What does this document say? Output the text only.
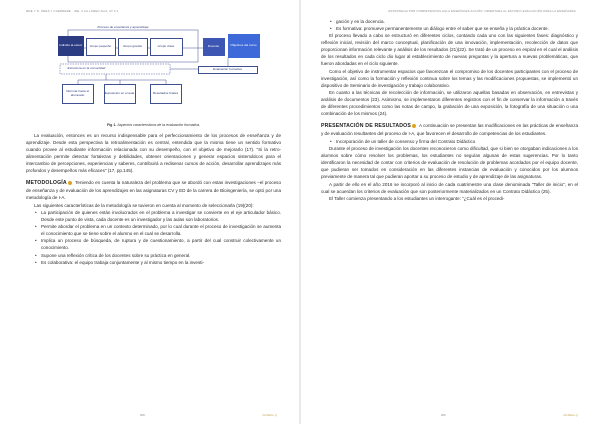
MDE Y N. ORES Y CUERRERE · INE. 3 CA LOREO ALIA, AT 0.1
Proceso de enseñanza y aprendizaje
Individu al-estud	Grupo pequeño	Grupo grande	Grupo clase	Docente	Objetivos del curso
Estructura en la comunidad	Evaluación formativa
Informar hacia el alumnado	Exposición en el aula	Resultados finales
Fig 1. Aspectos característicos de la evaluación formativa.

La evaluación, entonces es un recurso indispensable para el perfeccionamiento de los procesos de enseñanza y de aprendizaje. Desde esta perspectiva la retroalimentación es central, entendida que la misma tiene un sentido formativo cuando provee al estudiante información relacionada con su desempeño, con el objetivo de mejorarlo (17). "Si la retroalimentación permite detectar fortalezas y debilidades, obtener orientaciones y generar espacios sistemáticos para el intercambio de percepciones, experiencias y saberes, contribuirá a redisenar cursos de acción, desarrollar aprendizajes más profundos y desempeños más eficaces" (17, pp.145).

METODOLOGÍA Teniendo en cuenta la naturaleza del problema que se abordó con estas investigaciones –el proceso de enseñanza y de evaluación de los aprendizajes en las asignaturas CV y ED de la carrera de Bioingeniería, se optó por una metodología de I-A.

Las siguientes características de la metodología se tuvieron en cuenta al momento de seleccionarla (19)(20):

• La participación de quienes están involucrados en el problema a investigar se convierte en el eje articulador básico. Desde este punto de vista, cada docente es un investigador y las aulas son laboratorios.
• Permite abordar el problema en un contexto determinado, por lo cual durante el proceso de investigación se aumenta el conocimiento que se tiene sobre el alumno en el cual se desarrolla.
• Implica un proceso de búsqueda, de ruptura y de cuestionamiento, a partir del cual construir colectivamente un conocimiento.
• Supone una reflexión crítica de los docentes sobre su práctica en general.
• Es colaborativa: el equipo trabaja conjuntamente y al mismo tiempo en la investi-
208	bioTekne ◎
ESTRATEGIA POR COMPETENCIAS AULA ENSEÑANZA ACCIÓN: ORIENTADA AL ESTUDIO EVALUACIÓN PARA LA ENSEÑANZA
• gación y en la docencia.
• Es formativa: promueve permanentemente un diálogo entre el saber que se enseña y la práctica docente.

El proceso llevado a cabo se estructuró en diferentes ciclos, contando cada uno con las siguientes fases: diagnóstico y reflexión inicial, revisión del marco conceptual, planificación de una innovación, implementación, recolección de datos que proporcionan información relevante y análisis de los resultados (21)(22). Se trató de un proceso en espiral en el cual el análisis de los resultados en cada ciclo dio lugar al establecimiento de nuevas preguntas y la apertura a nuevas problemáticas, que fueron abordadas en el ciclo siguiente.

Como el objetivo de instrumentar espacios que favorezcan el compromiso de los docentes participantes con el proceso de investigación, así como la formación y reflexión continua sobre los temas y las modificaciones propuestas, se implementó un dispositivo de Seminario de investigación y trabajo colaborativo.

En cuanto a las técnicas de recolección de información, se utilizaron aquellas basadas en observación, en entrevistas y análisis de documentos (23). Asimismo, se implementaron diferentes registros con el fin de conservar la información a través de diferentes procedimientos como las notas de campo, la grabación de una exposición, la fotografía de una situación o una combinación de los mismos (24).

PRESENTACIÓN DE RESULTADOS A continuación se presentan las modificaciones en las prácticas de enseñanza y de evaluación resultantes del proceso de I-A, que favorecen el desarrollo de competencias de los estudiantes.

• Incorporación de un taller de consenso y firma del Contrato Didáctico

Durante el proceso de investigación los docentes reconocieron como dificultad, que si bien se otorgaban indicaciones a los alumnos sobre cómo resolver los problemas, los estudiantes no seguían algunas de estas sugerencias. Por lo tanto identificaron la necesidad de contar con criterios de evaluación de resolución de problemas acordados por el equipo docente, que pudieran ser tomados en consideración en las diferentes instancias de evaluación y conocidos por los alumnos previamente de manera tal que pudieran aportar a su proceso de estudio y de aprendizaje de las asignaturas.

A partir de ello en el año 2016 se incorporó al inicio de cada cuatrimestre una clase denominada "Taller de inicio", en el cual se acuerdan los criterios de evaluación que son posteriormente materializados en un Contrato Didáctico (25).

El Taller comienza presentando a los estudiantes un interrogante: "¿Cuál es el procedi-

209	bioTekne ◎
